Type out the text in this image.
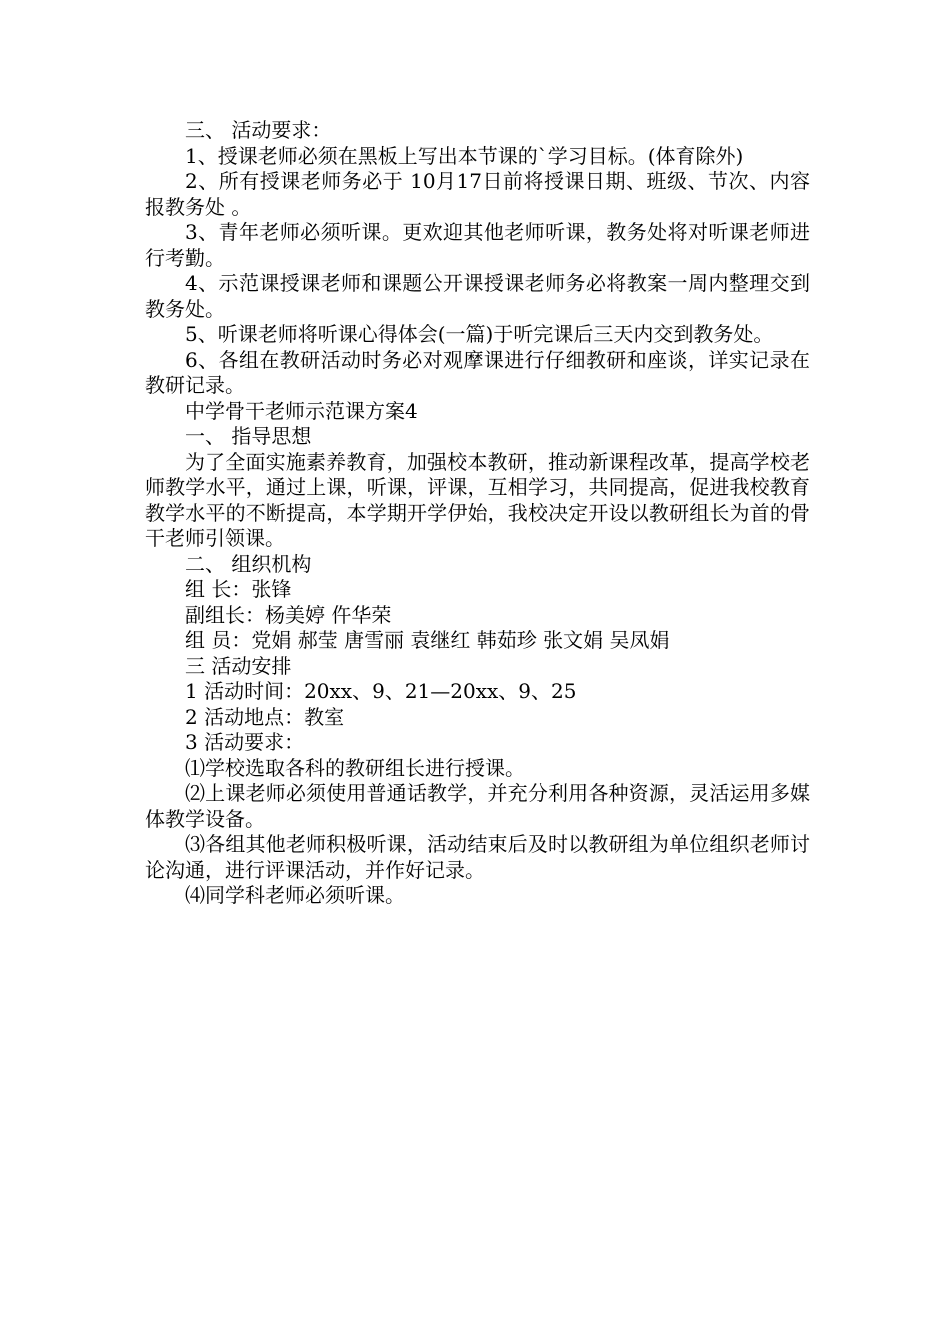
三、 活动要求：

1、授课老师必须在黑板上写出本节课的`学习目标。(体育除外)

2、所有授课老师务必于 10月17日前将授课日期、班级、节次、内容报教务处 。

3、青年老师必须听课。更欢迎其他老师听课，教务处将对听课老师进行考勤。

4、示范课授课老师和课题公开课授课老师务必将教案一周内整理交到教务处。

5、听课老师将听课心得体会(一篇)于听完课后三天内交到教务处。

6、各组在教研活动时务必对观摩课进行仔细教研和座谈，详实记录在教研记录。

中学骨干老师示范课方案4

一、 指导思想

为了全面实施素养教育，加强校本教研，推动新课程改革，提高学校老师教学水平，通过上课，听课，评课，互相学习，共同提高，促进我校教育教学水平的不断提高，本学期开学伊始，我校决定开设以教研组长为首的骨干老师引领课。

二、 组织机构

组 长：张锋

副组长：杨美婷 仵华荣

组 员：党娟 郝莹 唐雪丽 袁继红 韩茹珍 张文娟 吴凤娟

三 活动安排

1 活动时间：20xx、9、21—20xx、9、25

2 活动地点：教室

3 活动要求：

⑴学校选取各科的教研组长进行授课。

⑵上课老师必须使用普通话教学，并充分利用各种资源，灵活运用多媒体教学设备。

⑶各组其他老师积极听课，活动结束后及时以教研组为单位组织老师讨论沟通，进行评课活动，并作好记录。

⑷同学科老师必须听课。
